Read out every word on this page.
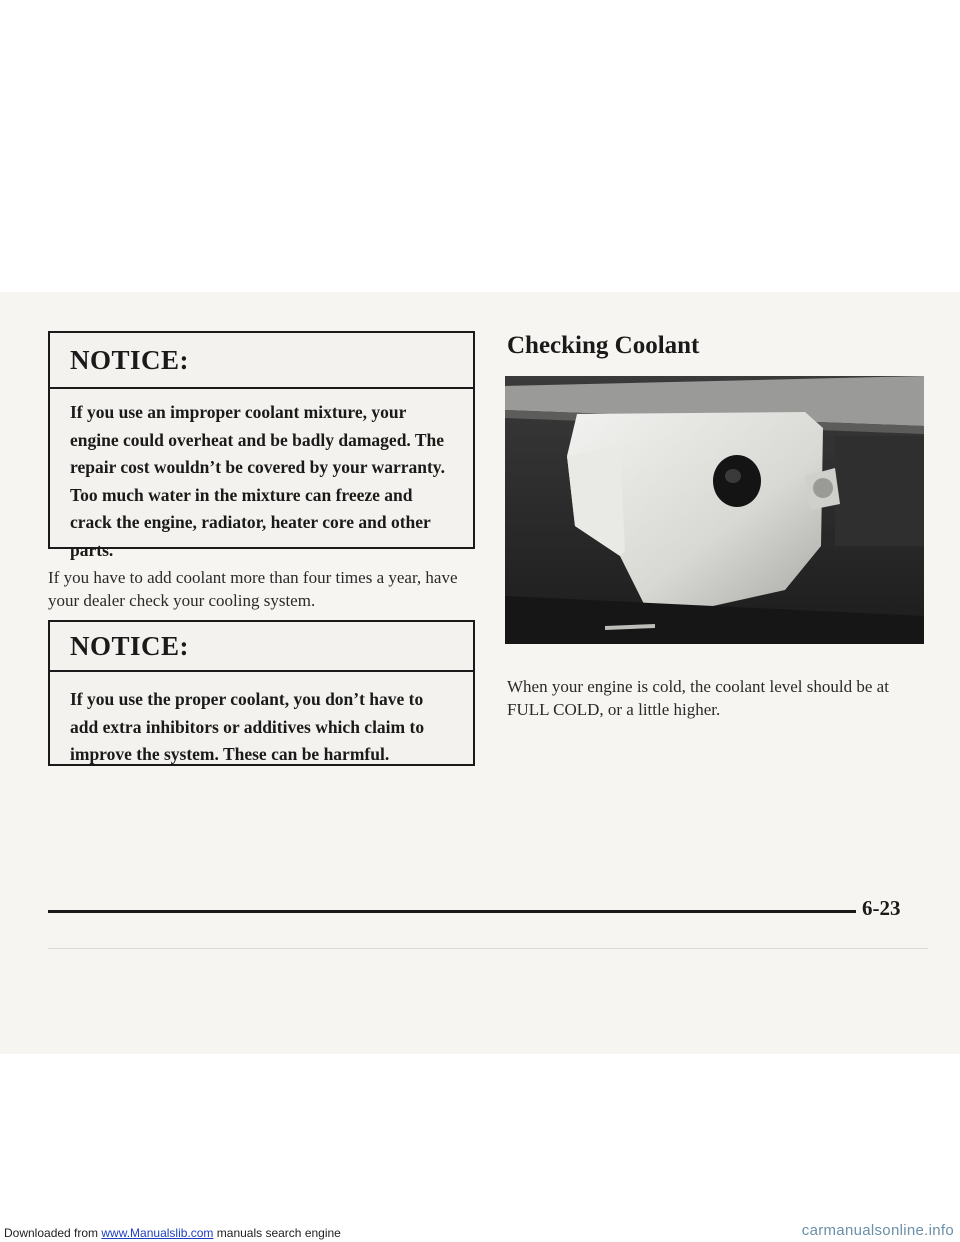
NOTICE:
If you use an improper coolant mixture, your engine could overheat and be badly damaged. The repair cost wouldn’t be covered by your warranty. Too much water in the mixture can freeze and crack the engine, radiator, heater core and other parts.
If you have to add coolant more than four times a year, have your dealer check your cooling system.
NOTICE:
If you use the proper coolant, you don’t have to add extra inhibitors or additives which claim to improve the system. These can be harmful.
Checking Coolant
When your engine is cold, the coolant level should be at FULL COLD, or a little higher.
6-23
Downloaded from www.Manualslib.com manuals search engine	carmanualsonline.info
